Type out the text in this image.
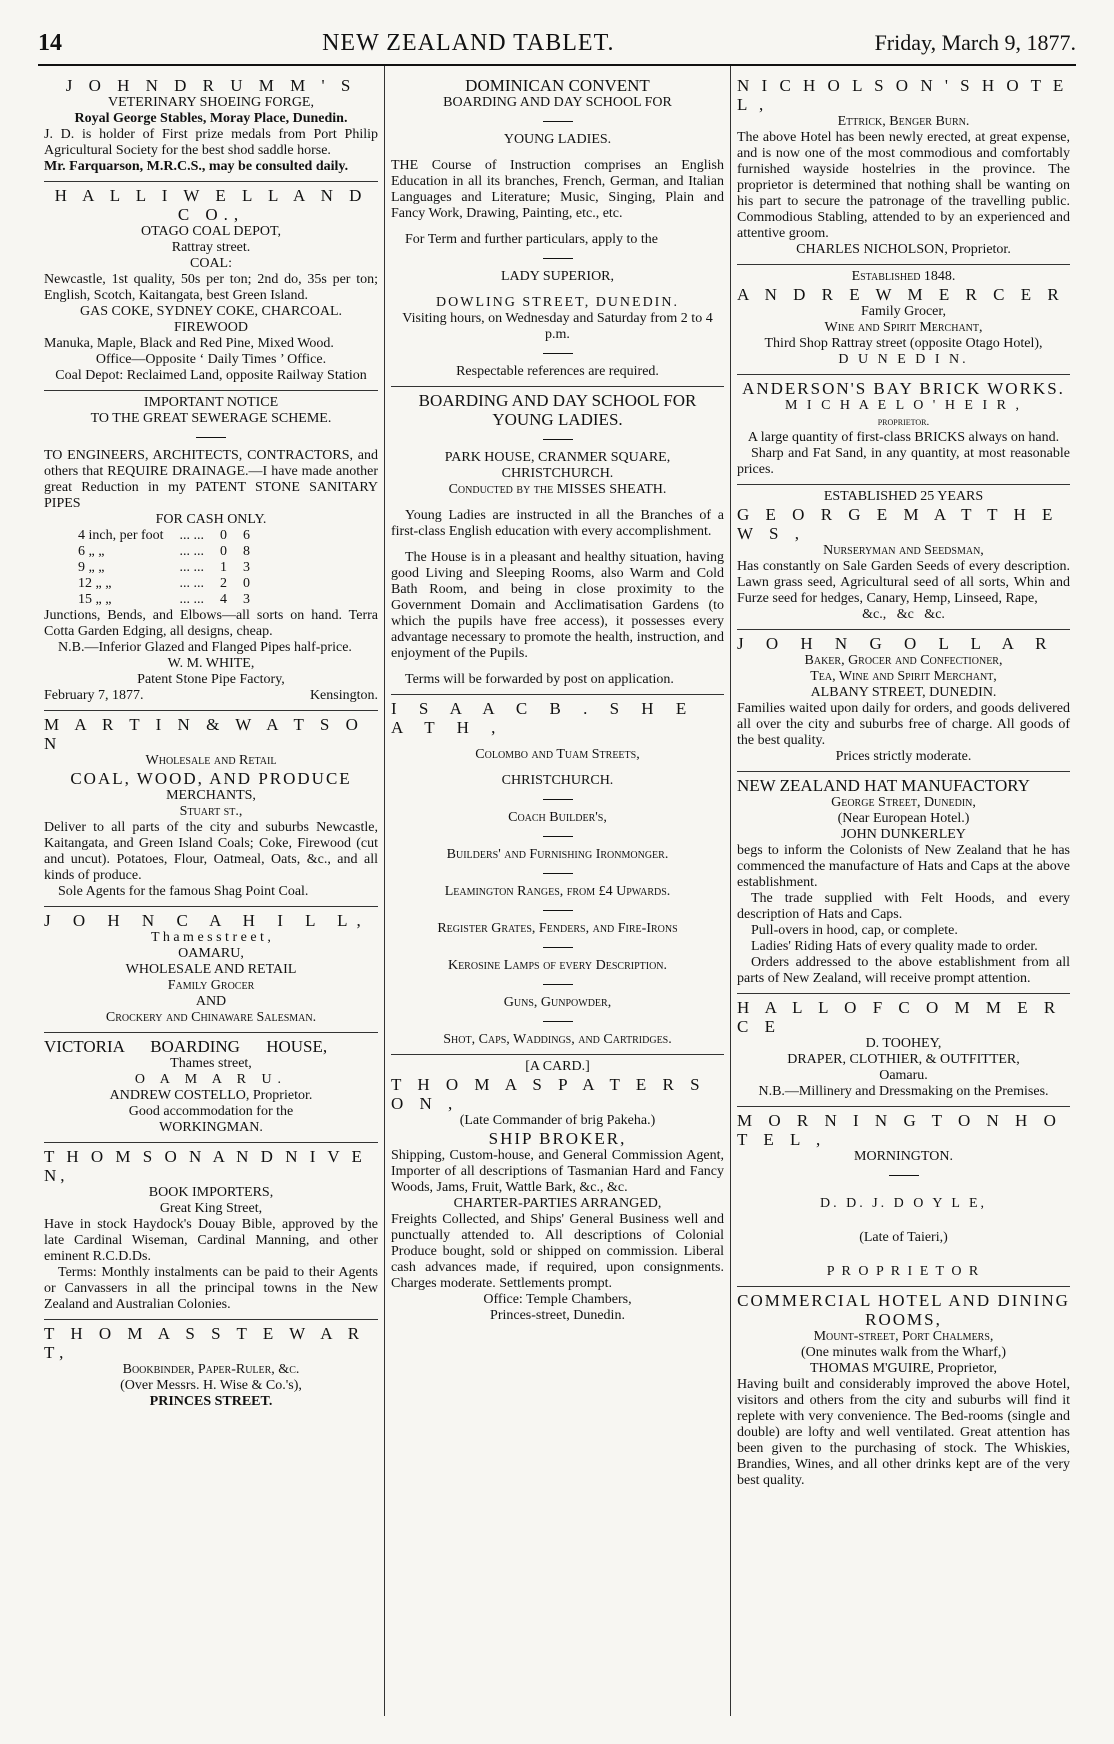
14	NEW ZEALAND TABLET.	Friday, March 9, 1877.
J O H N D R U M M ' S
VETERINARY SHOEING FORGE,
Royal George Stables, Moray Place, Dunedin.
J. D. is holder of First prize medals from Port Philip Agricultural Society for the best shod saddle horse.
Mr. Farquarson, M.R.C.S., may be consulted daily.
H A L L I W E L L A N D C O.,
OTAGO COAL DEPOT,
Rattray street.
COAL:
Newcastle, 1st quality, 50s per ton; 2nd do, 35s per ton; English, Scotch, Kaitangata, best Green Island.
GAS COKE, SYDNEY COKE, CHARCOAL. FIREWOOD
Manuka, Maple, Black and Red Pine, Mixed Wood.
Office—Opposite ‘ Daily Times ’ Office.
Coal Depot: Reclaimed Land, opposite Railway Station
IMPORTANT NOTICE
TO THE GREAT SEWERAGE SCHEME.
TO ENGINEERS, ARCHITECTS, CONTRACTORS, and others that REQUIRE DRAINAGE.—I have made another great Reduction in my PATENT STONE SANITARY PIPES
FOR CASH ONLY.
4 inch, per foot	... ...	0	6
6 „ „	... ...	0	8
9 „ „	... ...	1	3
12 „ „	... ...	2	0
15 „ „	... ...	4	3
Junctions, Bends, and Elbows—all sorts on hand. Terra Cotta Garden Edging, all designs, cheap.
N.B.—Inferior Glazed and Flanged Pipes half-price.
W. M. WHITE,
Patent Stone Pipe Factory,
February 7, 1877.	Kensington.
M A R T I N & W A T S O N
Wholesale and Retail
COAL, WOOD, AND PRODUCE
MERCHANTS,
Stuart st.,
Deliver to all parts of the city and suburbs Newcastle, Kaitangata, and Green Island Coals; Coke, Firewood (cut and uncut). Potatoes, Flour, Oatmeal, Oats, &c., and all kinds of produce.
Sole Agents for the famous Shag Point Coal.
J O H N C A H I L L,
T h a m e s s t r e e t ,
OAMARU,
WHOLESALE AND RETAIL
Family Grocer
AND
Crockery and Chinaware Salesman.
VICTORIA BOARDING HOUSE,
Thames street,
O A M A R U.
ANDREW COSTELLO, Proprietor.
Good accommodation for the
WORKINGMAN.
T H O M S O N A N D N I V E N,
BOOK IMPORTERS,
Great King Street,
Have in stock Haydock's Douay Bible, approved by the late Cardinal Wiseman, Cardinal Manning, and other eminent R.C.D.Ds.
Terms: Monthly instalments can be paid to their Agents or Canvassers in all the principal towns in the New Zealand and Australian Colonies.
T H O M A S S T E W A R T,
Bookbinder, Paper-Ruler, &c.
(Over Messrs. H. Wise & Co.'s),
PRINCES STREET.
DOMINICAN CONVENT
BOARDING AND DAY SCHOOL FOR
YOUNG LADIES.
THE Course of Instruction comprises an English Education in all its branches, French, German, and Italian Languages and Literature; Music, Singing, Plain and Fancy Work, Drawing, Painting, etc., etc.
For Term and further particulars, apply to the
LADY SUPERIOR,
DOWLING STREET, DUNEDIN.
Visiting hours, on Wednesday and Saturday from 2 to 4 p.m.
Respectable references are required.
BOARDING AND DAY SCHOOL FOR YOUNG LADIES.
PARK HOUSE, CRANMER SQUARE,
CHRISTCHURCH.
Conducted by the MISSES SHEATH.
Young Ladies are instructed in all the Branches of a first-class English education with every accomplishment.
The House is in a pleasant and healthy situation, having good Living and Sleeping Rooms, also Warm and Cold Bath Room, and being in close proximity to the Government Domain and Acclimatisation Gardens (to which the pupils have free access), it possesses every advantage necessary to promote the health, instruction, and enjoyment of the Pupils.
Terms will be forwarded by post on application.
I S A A C B . S H E A T H ,
Colombo and Tuam Streets,
CHRISTCHURCH.
Coach Builder's,
Builders' and Furnishing Ironmonger.
Leamington Ranges, from £4 Upwards.
Register Grates, Fenders, and Fire-Irons
Kerosine Lamps of every Description.
Guns, Gunpowder,
Shot, Caps, Waddings, and Cartridges.
[A CARD.]
T H O M A S P A T E R S O N ,
(Late Commander of brig Pakeha.)
SHIP BROKER,
Shipping, Custom-house, and General Commission Agent, Importer of all descriptions of Tasmanian Hard and Fancy Woods, Jams, Fruit, Wattle Bark, &c., &c.
CHARTER-PARTIES ARRANGED,
Freights Collected, and Ships' General Business well and punctually attended to. All descriptions of Colonial Produce bought, sold or shipped on commission. Liberal cash advances made, if required, upon consignments. Charges moderate. Settlements prompt.
Office: Temple Chambers,
Princes-street, Dunedin.
N I C H O L S O N ' S H O T E L ,
Ettrick, Benger Burn.
The above Hotel has been newly erected, at great expense, and is now one of the most commodious and comfortably furnished wayside hostelries in the province. The proprietor is determined that nothing shall be wanting on his part to secure the patronage of the travelling public. Commodious Stabling, attended to by an experienced and attentive groom.
CHARLES NICHOLSON, Proprietor.
Established 1848.
A N D R E W M E R C E R
Family Grocer,
Wine and Spirit Merchant,
Third Shop Rattray street (opposite Otago Hotel),
D U N E D I N.
ANDERSON'S BAY BRICK WORKS.
M I C H A E L O ' H E I R ,
proprietor.
A large quantity of first-class BRICKS always on hand.
Sharp and Fat Sand, in any quantity, at most reasonable prices.
ESTABLISHED 25 YEARS
G E O R G E M A T T H E W S ,
Nurseryman and Seedsman,
Has constantly on Sale Garden Seeds of every description. Lawn grass seed, Agricultural seed of all sorts, Whin and Furze seed for hedges, Canary, Hemp, Linseed, Rape,
&c.,   &c   &c.
J O H N G O L L A R
Baker, Grocer and Confectioner,
Tea, Wine and Spirit Merchant,
ALBANY STREET, DUNEDIN.
Families waited upon daily for orders, and goods delivered all over the city and suburbs free of charge. All goods of the best quality.
Prices strictly moderate.
NEW ZEALAND HAT MANUFACTORY
George Street, Dunedin,
(Near European Hotel.)
JOHN DUNKERLEY
begs to inform the Colonists of New Zealand that he has commenced the manufacture of Hats and Caps at the above establishment.
The trade supplied with Felt Hoods, and every description of Hats and Caps.
Pull-overs in hood, cap, or complete.
Ladies' Riding Hats of every quality made to order.
Orders addressed to the above establishment from all parts of New Zealand, will receive prompt attention.
H A L L O F C O M M E R C E
D. TOOHEY,
DRAPER, CLOTHIER, & OUTFITTER,
Oamaru.
N.B.—Millinery and Dressmaking on the Premises.
M O R N I N G T O N H O T E L ,
MORNINGTON.
D. D. J. D O Y L E,
(Late of Taieri,)
P R O P R I E T O R
COMMERCIAL HOTEL AND DINING ROOMS,
Mount-street, Port Chalmers,
(One minutes walk from the Wharf,)
THOMAS M'GUIRE, Proprietor,
Having built and considerably improved the above Hotel, visitors and others from the city and suburbs will find it replete with very convenience. The Bed-rooms (single and double) are lofty and well ventilated. Great attention has been given to the purchasing of stock. The Whiskies, Brandies, Wines, and all other drinks kept are of the very best quality.
